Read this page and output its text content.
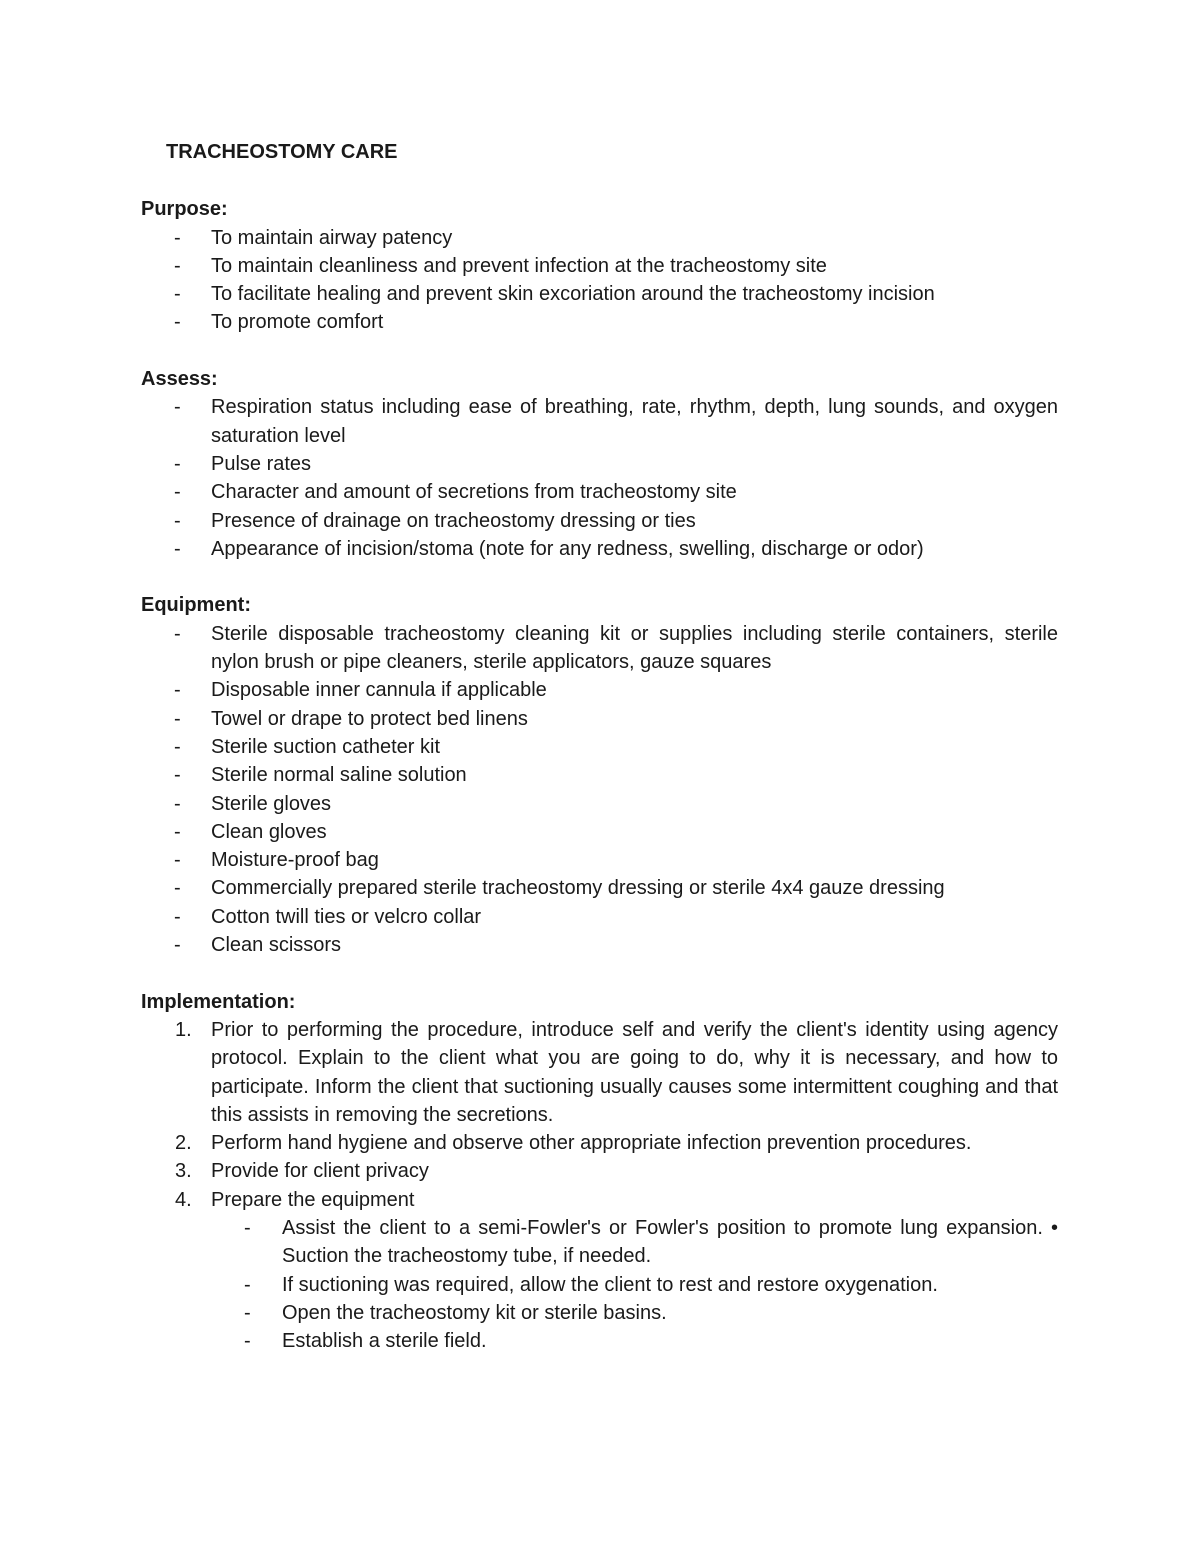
TRACHEOSTOMY CARE
Purpose:
-	To maintain airway patency
-	To maintain cleanliness and prevent infection at the tracheostomy site
-	To facilitate healing and prevent skin excoriation around the tracheostomy incision
-	To promote comfort
Assess:
-	Respiration status including ease of breathing, rate, rhythm, depth, lung sounds, and oxygen saturation level
-	Pulse rates
-	Character and amount of secretions from tracheostomy site
-	Presence of drainage on tracheostomy dressing or ties
-	Appearance of incision/stoma (note for any redness, swelling, discharge or odor)
Equipment:
-	Sterile disposable tracheostomy cleaning kit or supplies including sterile containers, sterile nylon brush or pipe cleaners, sterile applicators, gauze squares
-	Disposable inner cannula if applicable
-	Towel or drape to protect bed linens
-	Sterile suction catheter kit
-	Sterile normal saline solution
-	Sterile gloves
-	Clean gloves
-	Moisture-proof bag
-	Commercially prepared sterile tracheostomy dressing or sterile 4x4 gauze dressing
-	Cotton twill ties or velcro collar
-	Clean scissors
Implementation:
1. Prior to performing the procedure, introduce self and verify the client's identity using agency protocol. Explain to the client what you are going to do, why it is necessary, and how to participate. Inform the client that suctioning usually causes some intermittent coughing and that this assists in removing the secretions.
2. Perform hand hygiene and observe other appropriate infection prevention procedures.
3. Provide for client privacy
4. Prepare the equipment
-	Assist the client to a semi-Fowler's or Fowler's position to promote lung expansion. • Suction the tracheostomy tube, if needed.
-	If suctioning was required, allow the client to rest and restore oxygenation.
-	Open the tracheostomy kit or sterile basins.
-	Establish a sterile field.
